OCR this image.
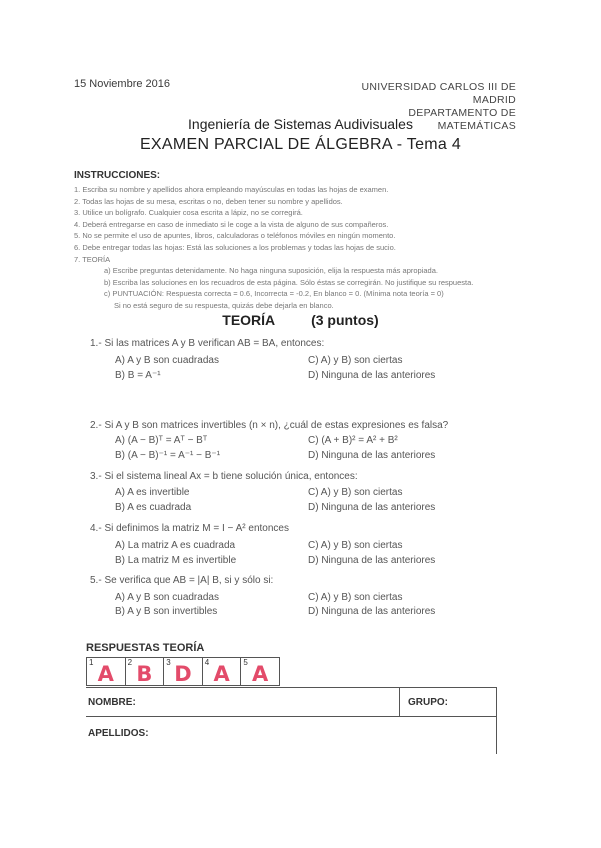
15 Noviembre 2016	UNIVERSIDAD CARLOS III DE MADRID
DEPARTAMENTO DE MATEMÁTICAS
Ingeniería de Sistemas Audivisuales
EXAMEN PARCIAL DE ÁLGEBRA - Tema 4
INSTRUCCIONES:
1. Escriba su nombre y apellidos ahora empleando mayúsculas en todas las hojas de examen.
2. Todas las hojas de su mesa, escritas o no, deben tener su nombre y apellidos.
3. Utilice un bolígrafo. Cualquier cosa escrita a lápiz, no se corregirá.
4. Deberá entregarse en caso de inmediato si le coge a la vista de alguno de sus compañeros.
5. No se permite el uso de apuntes, libros, calculadoras o teléfonos móviles en ningún momento.
6. Debe entregar todas las hojas: Está las soluciones a los problemas y todas las hojas de sucio.
7. TEORÍA
a) Escribe preguntas detenidamente. No haga ninguna suposición, elija la respuesta más apropiada.
b) Escriba las soluciones en los recuadros de esta página. Sólo éstas se corregirán. No justifique su respuesta.
c) PUNTUACIÓN: Respuesta correcta = 0.6, Incorrecta = -0.2, En blanco = 0. (Mínima nota teoría = 0)
Si no está seguro de su respuesta, quizás debe dejarla en blanco.
TEORÍA	(3 puntos)
1.- Si las matrices A y B verifican AB = BA, entonces:
A) A y B son cuadradas	C) A) y B) son ciertas
B) B = A⁻¹	D) Ninguna de las anteriores
2.- Si A y B son matrices invertibles (n × n), ¿cuál de estas expresiones es falsa?
A) (A − B)ᵀ = Aᵀ − Bᵀ	C) (A + B)² = A² + B²
B) (A − B)⁻¹ = A⁻¹ − B⁻¹	D) Ninguna de las anteriores
3.- Si el sistema lineal Ax = b tiene solución única, entonces:
A) A es invertible	C) A) y B) son ciertas
B) A es cuadrada	D) Ninguna de las anteriores
4.- Si definimos la matriz M = I − A² entonces
A) La matriz A es cuadrada	C) A) y B) son ciertas
B) La matriz M es invertible	D) Ninguna de las anteriores
5.- Se verifica que AB = |A| B, si y sólo si:
A) A y B son cuadradas	C) A) y B) son ciertas
B) A y B son invertibles	D) Ninguna de las anteriores
RESPUESTAS TEORÍA
1 A	2 B	3 D	4 A	5 A
NOMBRE:	GRUPO:
APELLIDOS:
